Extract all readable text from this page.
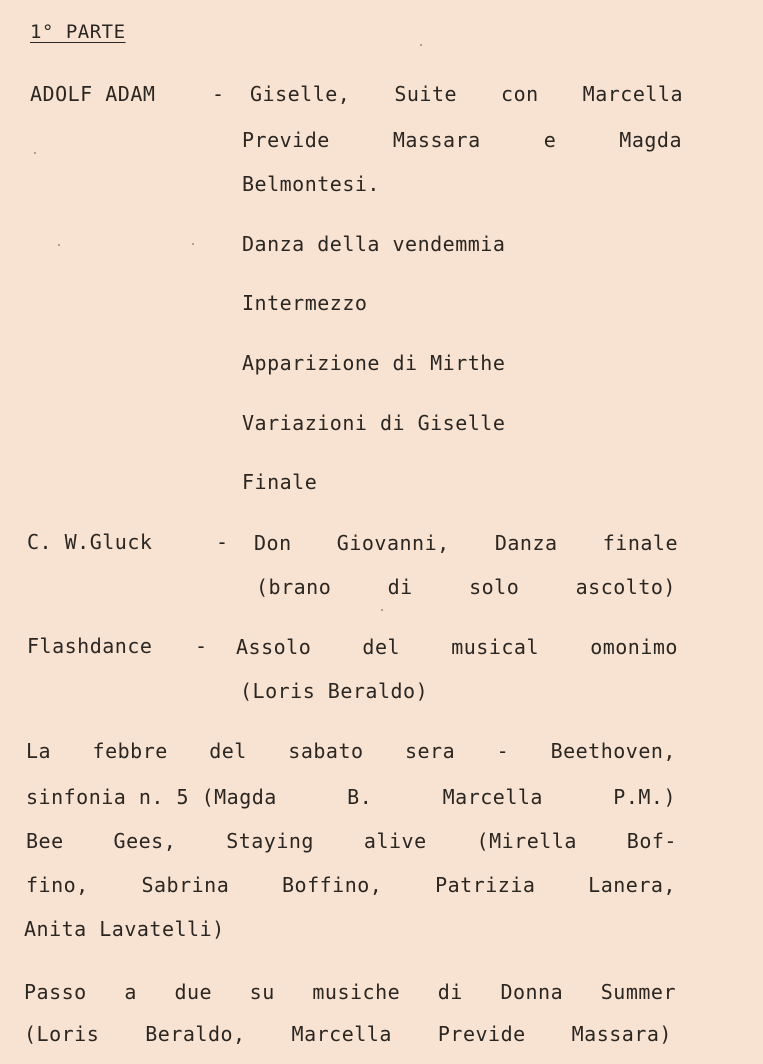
1° PARTE
ADOLF ADAM	- Giselle, Suite con Marcella
Previde	Massara	e	Magda
Belmontesi.
Danza della vendemmia
Intermezzo
Apparizione di Mirthe
Variazioni di Giselle
Finale
C. W.Gluck	- Don Giovanni, Danza finale
(brano	di	solo	ascolto)
Flashdance - Assolo	del	musical	omonimo
(Loris Beraldo)
La febbre del sabato sera - Beethoven,
sinfonia n. 5 (Magda	B.	Marcella	P.M.)
Bee Gees, Staying alive (Mirella Bof-
fino,	Sabrina	Boffino,	Patrizia	Lanera,
Anita Lavatelli)
Passo a due su musiche di Donna Summer
(Loris Beraldo, Marcella Previde Massara)
